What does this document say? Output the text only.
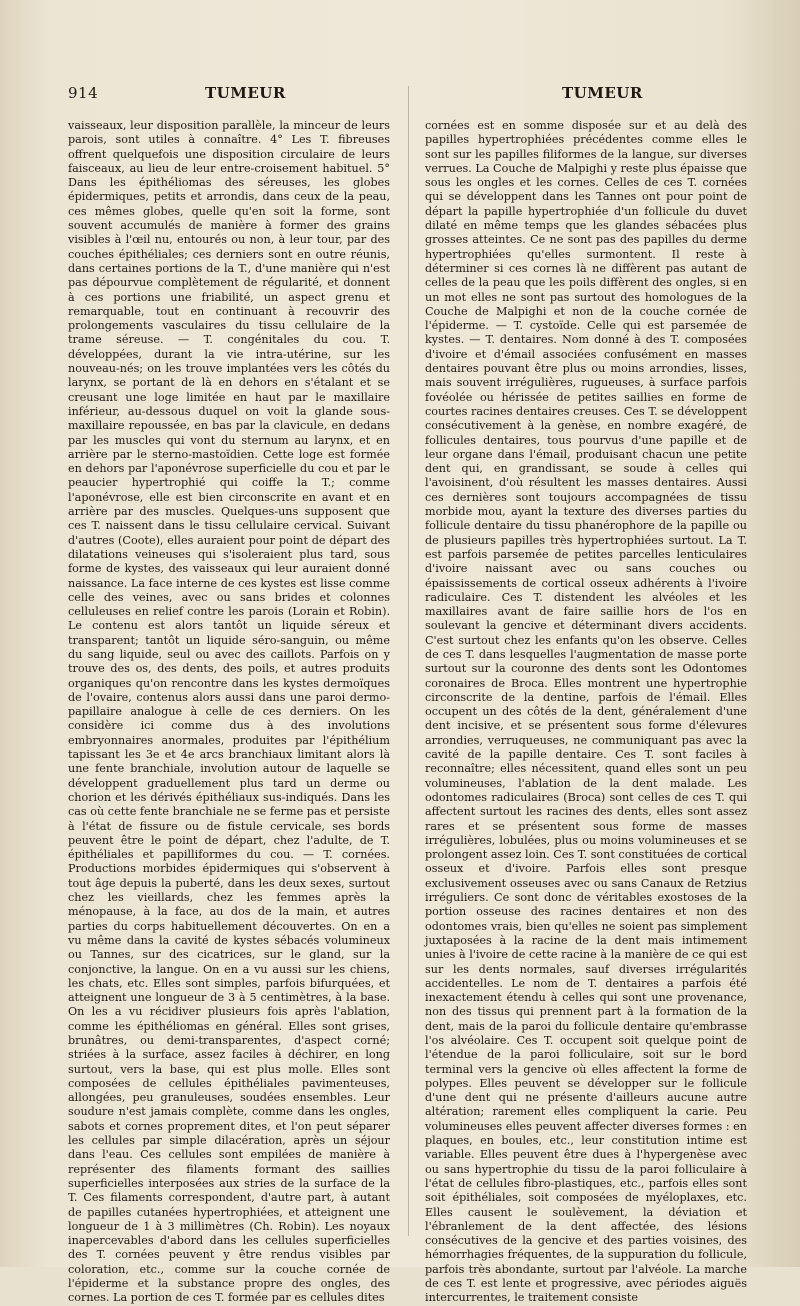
914	TUMEUR	TUMEUR

vaisseaux, leur disposition parallèle, la minceur de leurs parois, sont utiles à connaître. 4° Les T. fibreuses offrent quelquefois une disposition circulaire de leurs faisceaux, au lieu de leur entre-croisement habituel. 5° Dans les épithéliomas des séreuses, les globes épidermiques, petits et arrondis, dans ceux de la peau, ces mêmes globes, quelle qu'en soit la forme, sont souvent accumulés de manière à former des grains visibles à l'œil nu, entourés ou non, à leur tour, par des couches épithéliales; ces derniers sont en outre réunis, dans certaines portions de la T., d'une manière qui n'est pas dépourvue complètement de régularité, et donnent à ces portions une friabilité, un aspect grenu et remarquable, tout en continuant à recouvrir des prolongements vasculaires du tissu cellulaire de la trame séreuse. — T. congénitales du cou. T. développées, durant la vie intra-utérine, sur les nouveau-nés; on les trouve implantées vers les côtés du larynx, se portant de là en dehors en s'étalant et se creusant une loge limitée en haut par le maxillaire inférieur, au-dessous duquel on voit la glande sous-maxillaire repoussée, en bas par la clavicule, en dedans par les muscles qui vont du sternum au larynx, et en arrière par le sterno-mastoïdien. Cette loge est formée en dehors par l'aponévrose superficielle du cou et par le peaucier hypertrophié qui coiffe la T.; comme l'aponévrose, elle est bien circonscrite en avant et en arrière par des muscles. Quelques-uns supposent que ces T. naissent dans le tissu cellulaire cervical. Suivant d'autres (Coote), elles auraient pour point de départ des dilatations veineuses qui s'isoleraient plus tard, sous forme de kystes, des vaisseaux qui leur auraient donné naissance. La face interne de ces kystes est lisse comme celle des veines, avec ou sans brides et colonnes celluleuses en relief contre les parois (Lorain et Robin). Le contenu est alors tantôt un liquide séreux et transparent; tantôt un liquide séro-sanguin, ou même du sang liquide, seul ou avec des caillots. Parfois on y trouve des os, des dents, des poils, et autres produits organiques qu'on rencontre dans les kystes dermoïques de l'ovaire, contenus alors aussi dans une paroi dermo-papillaire analogue à celle de ces derniers. On les considère ici comme dus à des involutions embryonnaires anormales, produites par l'épithélium tapissant les 3e et 4e arcs branchiaux limitant alors là une fente branchiale, involution autour de laquelle se développent graduellement plus tard un derme ou chorion et les dérivés épithéliaux sus-indiqués. Dans les cas où cette fente branchiale ne se ferme pas et persiste à l'état de fissure ou de fistule cervicale, ses bords peuvent être le point de départ, chez l'adulte, de T. épithéliales et papilliformes du cou. — T. cornées. Productions morbides épidermiques qui s'observent à tout âge depuis la puberté, dans les deux sexes, surtout chez les vieillards, chez les femmes après la ménopause, à la face, au dos de la main, et autres parties du corps habituellement découvertes. On en a vu même dans la cavité de kystes sébacés volumineux ou Tannes, sur des cicatrices, sur le gland, sur la conjonctive, la langue. On en a vu aussi sur les chiens, les chats, etc. Elles sont simples, parfois bifurquées, et atteignent une longueur de 3 à 5 centimètres, à la base. On les a vu récidiver plusieurs fois après l'ablation, comme les épithéliomas en général. Elles sont grises, brunâtres, ou demi-transparentes, d'aspect corné; striées à la surface, assez faciles à déchirer, en long surtout, vers la base, qui est plus molle. Elles sont composées de cellules épithéliales pavimenteuses, allongées, peu granuleuses, soudées ensembles. Leur soudure n'est jamais complète, comme dans les ongles, sabots et cornes proprement dites, et l'on peut séparer les cellules par simple dilacération, après un séjour dans l'eau. Ces cellules sont empilées de manière à représenter des filaments formant des saillies superficielles interposées aux stries de la surface de la T. Ces filaments correspondent, d'autre part, à autant de papilles cutanées hypertrophiées, et atteignent une longueur de 1 à 3 millimètres (Ch. Robin). Les noyaux inapercevables d'abord dans les cellules superficielles des T. cornées peuvent y être rendus visibles par coloration, etc., comme sur la couche cornée de l'épiderme et la substance propre des ongles, des cornes. La portion de ces T. formée par es cellules dites

cornées est en somme disposée sur et au delà des papilles hypertrophiées précédentes comme elles le sont sur les papilles filiformes de la langue, sur diverses verrues. La Couche de Malpighi y reste plus épaisse que sous les ongles et les cornes. Celles de ces T. cornées qui se développent dans les Tannes ont pour point de départ la papille hypertrophiée d'un follicule du duvet dilaté en même temps que les glandes sébacées plus grosses atteintes. Ce ne sont pas des papilles du derme hypertrophiées qu'elles surmontent. Il reste à déterminer si ces cornes là ne diffèrent pas autant de celles de la peau que les poils diffèrent des ongles, si en un mot elles ne sont pas surtout des homologues de la Couche de Malpighi et non de la couche cornée de l'épiderme. — T. cystoïde. Celle qui est parsemée de kystes. — T. dentaires. Nom donné à des T. composées d'ivoire et d'émail associées confusément en masses dentaires pouvant être plus ou moins arrondies, lisses, mais souvent irrégulières, rugueuses, à surface parfois fovéolée ou hérissée de petites saillies en forme de courtes racines dentaires creuses. Ces T. se développent consécutivement à la genèse, en nombre exagéré, de follicules dentaires, tous pourvus d'une papille et de leur organe dans l'émail, produisant chacun une petite dent qui, en grandissant, se soude à celles qui l'avoisinent, d'où résultent les masses dentaires. Aussi ces dernières sont toujours accompagnées de tissu morbide mou, ayant la texture des diverses parties du follicule dentaire du tissu phanérophore de la papille ou de plusieurs papilles très hypertrophiées surtout. La T. est parfois parsemée de petites parcelles lenticulaires d'ivoire naissant avec ou sans couches ou épaississements de cortical osseux adhérents à l'ivoire radiculaire. Ces T. distendent les alvéoles et les maxillaires avant de faire saillie hors de l'os en soulevant la gencive et déterminant divers accidents. C'est surtout chez les enfants qu'on les observe. Celles de ces T. dans lesquelles l'augmentation de masse porte surtout sur la couronne des dents sont les Odontomes coronaires de Broca. Elles montrent une hypertrophie circonscrite de la dentine, parfois de l'émail. Elles occupent un des côtés de la dent, généralement d'une dent incisive, et se présentent sous forme d'élevures arrondies, verruqueuses, ne communiquant pas avec la cavité de la papille dentaire. Ces T. sont faciles à reconnaître; elles nécessitent, quand elles sont un peu volumineuses, l'ablation de la dent malade. Les odontomes radiculaires (Broca) sont celles de ces T. qui affectent surtout les racines des dents, elles sont assez rares et se présentent sous forme de masses irrégulières, lobulées, plus ou moins volumineuses et se prolongent assez loin. Ces T. sont constituées de cortical osseux et d'ivoire. Parfois elles sont presque exclusivement osseuses avec ou sans Canaux de Retzius irréguliers. Ce sont donc de véritables exostoses de la portion osseuse des racines dentaires et non des odontomes vrais, bien qu'elles ne soient pas simplement juxtaposées à la racine de la dent mais intimement unies à l'ivoire de cette racine à la manière de ce qui est sur les dents normales, sauf diverses irrégularités accidentelles. Le nom de T. dentaires a parfois été inexactement étendu à celles qui sont une provenance, non des tissus qui prennent part à la formation de la dent, mais de la paroi du follicule dentaire qu'embrasse l'os alvéolaire. Ces T. occupent soit quelque point de l'étendue de la paroi folliculaire, soit sur le bord terminal vers la gencive où elles affectent la forme de polypes. Elles peuvent se développer sur le follicule d'une dent qui ne présente d'ailleurs aucune autre altération; rarement elles compliquent la carie. Peu volumineuses elles peuvent affecter diverses formes : en plaques, en boules, etc., leur constitution intime est variable. Elles peuvent être dues à l'hypergenèse avec ou sans hypertrophie du tissu de la paroi folliculaire à l'état de cellules fibro-plastiques, etc., parfois elles sont soit épithéliales, soit composées de myéloplaxes, etc. Elles causent le soulèvement, la déviation et l'ébranlement de la dent affectée, des lésions consécutives de la gencive et des parties voisines, des hémorrhagies fréquentes, de la suppuration du follicule, parfois très abondante, surtout par l'alvéole. La marche de ces T. est lente et progressive, avec périodes aiguës intercurrentes, le traitement consiste
